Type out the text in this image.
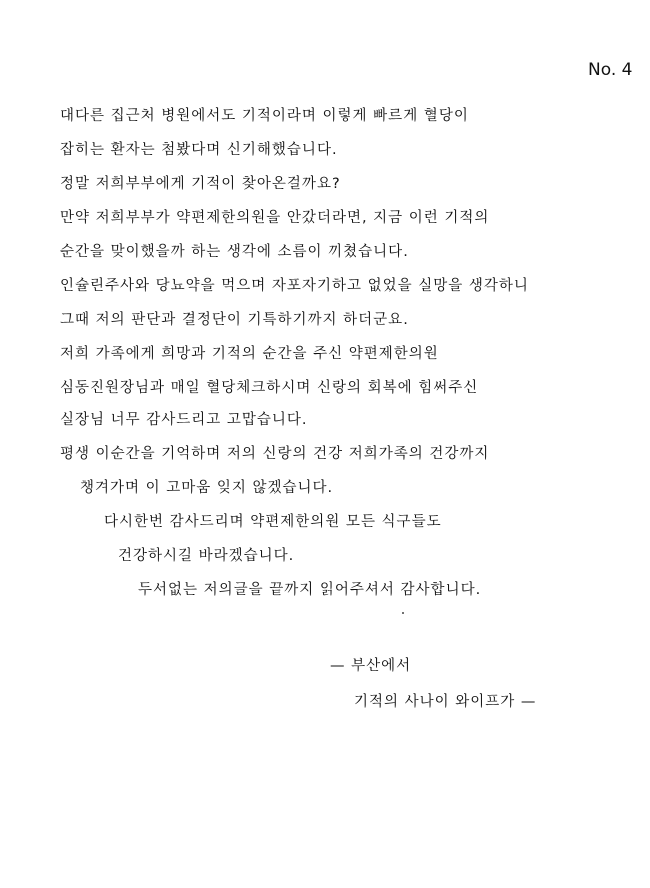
No. 4
대다른 집근처 병원에서도 기적이라며 이렇게 빠르게 혈당이
잡히는 환자는 첨봤다며 신기해했습니다.
정말 저희부부에게 기적이 찾아온걸까요?
만약 저희부부가 약편제한의원을 안갔더라면, 지금 이런 기적의
순간을 맞이했을까 하는 생각에 소름이 끼쳤습니다.
인슐린주사와 당뇨약을 먹으며 자포자기하고 없었을 실망을 생각하니
그때 저의 판단과 결정단이 기특하기까지 하더군요.
저희 가족에게 희망과 기적의 순간을 주신 약편제한의원
심동진원장님과 매일 혈당체크하시며 신랑의 회복에 힘써주신
실장님 너무 감사드리고 고맙습니다.
평생 이순간을 기억하며 저의 신랑의 건강 저희가족의 건강까지
챙겨가며 이 고마움 잊지 않겠습니다.
다시한번 감사드리며 약편제한의원 모든 식구들도
건강하시길 바라겠습니다.
두서없는 저의글을 끝까지 읽어주셔서 감사합니다.
— 부산에서
기적의 사나이 와이프가 —
